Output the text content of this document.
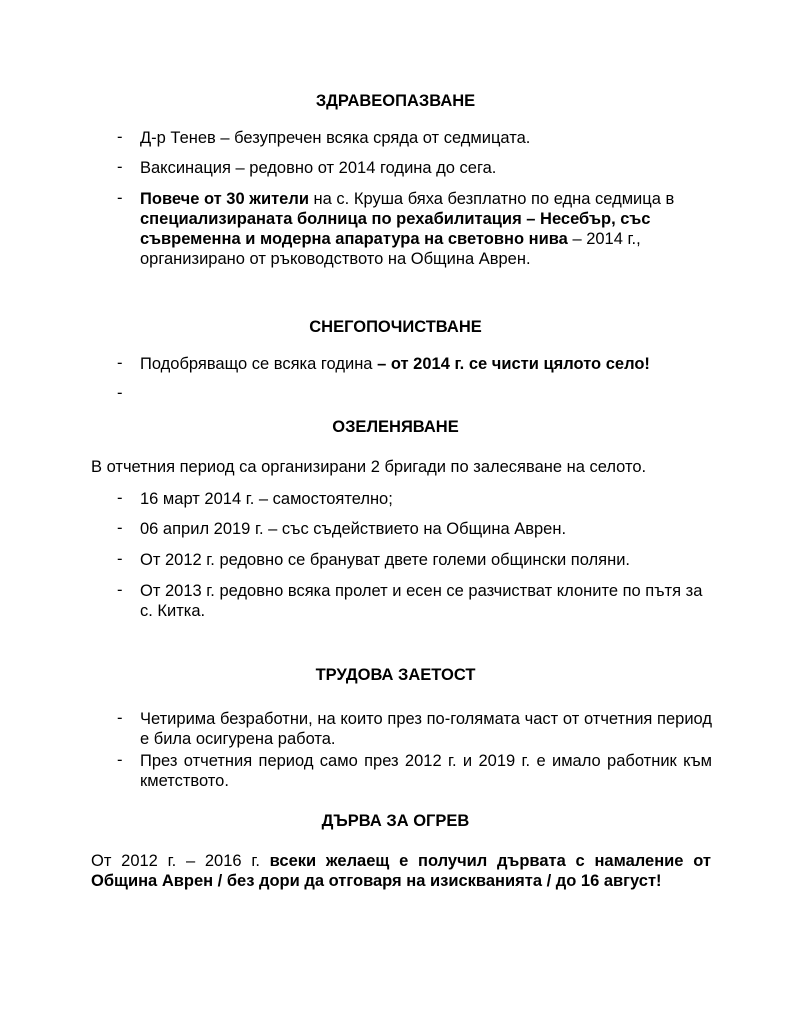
ЗДРАВЕОПАЗВАНЕ
- Д-р Тенев – безупречен всяка сряда от седмицата.
- Ваксинация – редовно от 2014 година до сега.
- Повече от 30 жители на с. Круша бяха безплатно по една седмица в специализираната болница по рехабилитация – Несебър, със съвременна и модерна апаратура на световно нива – 2014 г., организирано от ръководството на Община Аврен.
СНЕГОПОЧИСТВАНЕ
- Подобряващо се всяка година – от 2014 г. се чисти цялото село!
-
ОЗЕЛЕНЯВАНЕ
В отчетния период са организирани 2 бригади по залесяване на селото.
- 16 март 2014 г. – самостоятелно;
- 06 април 2019 г. – със съдействието на Община Аврен.
- От 2012 г. редовно се брануват двете големи общински поляни.
- От 2013 г. редовно всяка пролет и есен се разчистват клоните по пътя за с. Китка.
ТРУДОВА ЗАЕТОСТ
- Четирима безработни, на които през по-голямата част от отчетния период е била осигурена работа.
- През отчетния период само през 2012 г. и 2019 г. е имало работник към кметството.
ДЪРВА ЗА ОГРЕВ
От 2012 г. – 2016 г. всеки желаещ е получил дървата с намаление от Община Аврен / без дори да отговаря на изискванията / до 16 август!
